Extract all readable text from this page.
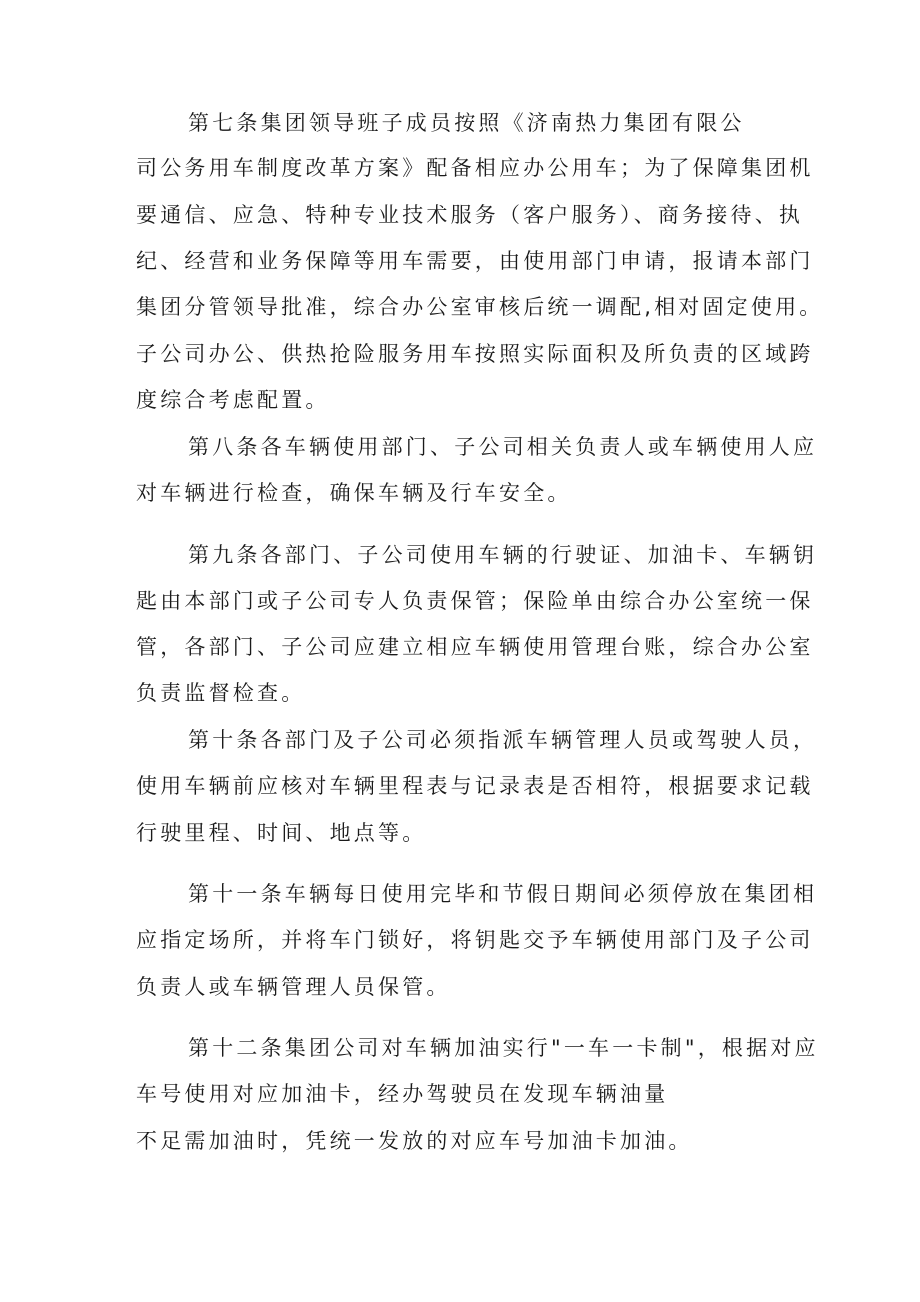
第七条集团领导班子成员按照《济南热力集团有限公
司公务用车制度改革方案》配备相应办公用车；为了保障集团机
要通信、应急、特种专业技术服务（客户服务）、商务接待、执
纪、经营和业务保障等用车需要，由使用部门申请，报请本部门
集团分管领导批准，综合办公室审核后统一调配,相对固定使用。
子公司办公、供热抢险服务用车按照实际面积及所负责的区域跨
度综合考虑配置。
第八条各车辆使用部门、子公司相关负责人或车辆使用人应
对车辆进行检查，确保车辆及行车安全。
第九条各部门、子公司使用车辆的行驶证、加油卡、车辆钥
匙由本部门或子公司专人负责保管；保险单由综合办公室统一保
管，各部门、子公司应建立相应车辆使用管理台账，综合办公室
负责监督检查。
第十条各部门及子公司必须指派车辆管理人员或驾驶人员，
使用车辆前应核对车辆里程表与记录表是否相符，根据要求记载
行驶里程、时间、地点等。
第十一条车辆每日使用完毕和节假日期间必须停放在集团相
应指定场所，并将车门锁好，将钥匙交予车辆使用部门及子公司
负责人或车辆管理人员保管。
第十二条集团公司对车辆加油实行"一车一卡制"，根据对应
车号使用对应加油卡，经办驾驶员在发现车辆油量
不足需加油时，凭统一发放的对应车号加油卡加油。
